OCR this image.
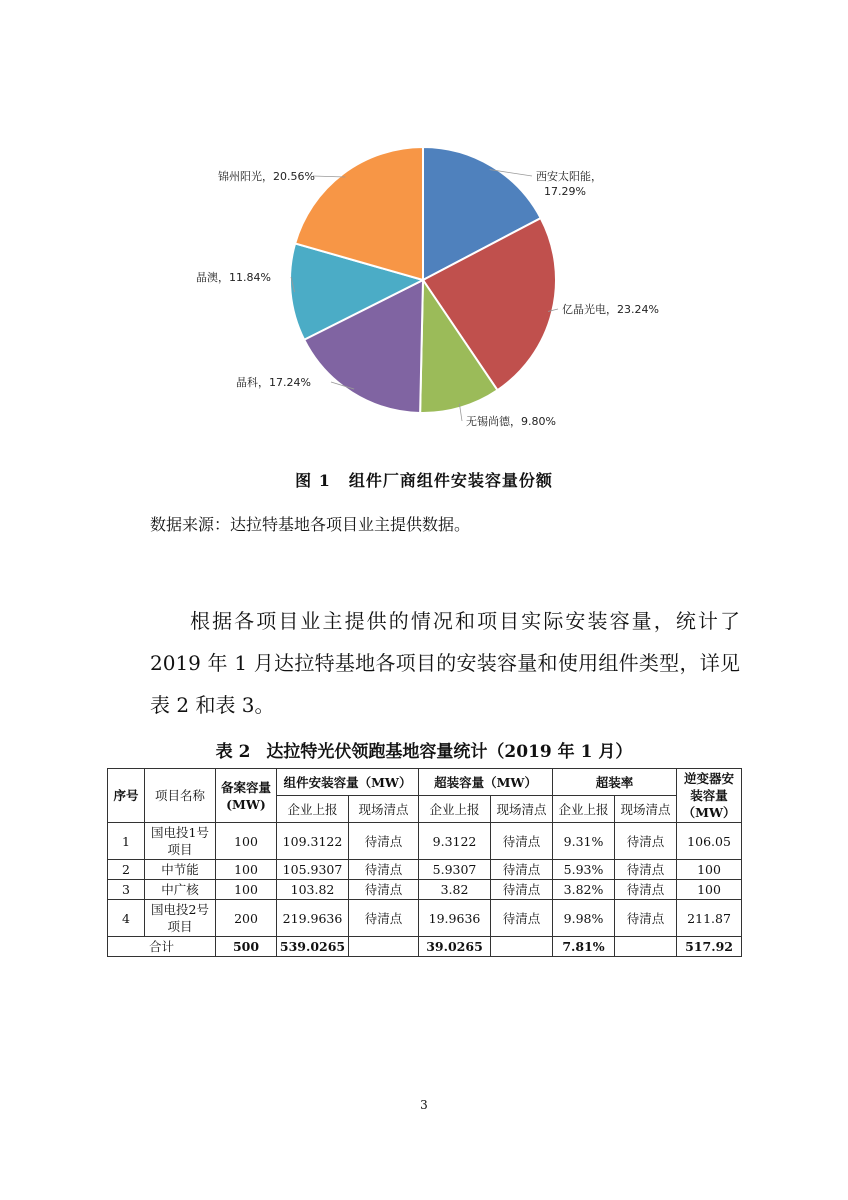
西安太阳能， 17.29%
亿晶光电，23.24%
无锡尚德，9.80%
晶科，17.24%
晶澳，11.84%
锦州阳光，20.56%
图 1 组件厂商组件安装容量份额
数据来源：达拉特基地各项目业主提供数据。

根据各项目业主提供的情况和项目实际安装容量，统计了 2019 年 1 月达拉特基地各项目的安装容量和使用组件类型，详见表 2 和表 3。

表 2 达拉特光伏领跑基地容量统计（2019 年 1 月）
序号	项目名称	备案容量(MW)	组件安装容量（MW）		超装容量（MW）		超装率		逆变器安装容量（MW）
			企业上报	现场清点	企业上报	现场清点	企业上报	现场清点	
1	国电投1号项目	100	109.3122	待清点	9.3122	待清点	9.31%	待清点	106.05
2	中节能	100	105.9307	待清点	5.9307	待清点	5.93%	待清点	100
3	中广核	100	103.82	待清点	3.82	待清点	3.82%	待清点	100
4	国电投2号项目	200	219.9636	待清点	19.9636	待清点	9.98%	待清点	211.87
合计		500	539.0265		39.0265		7.81%		517.92
3
